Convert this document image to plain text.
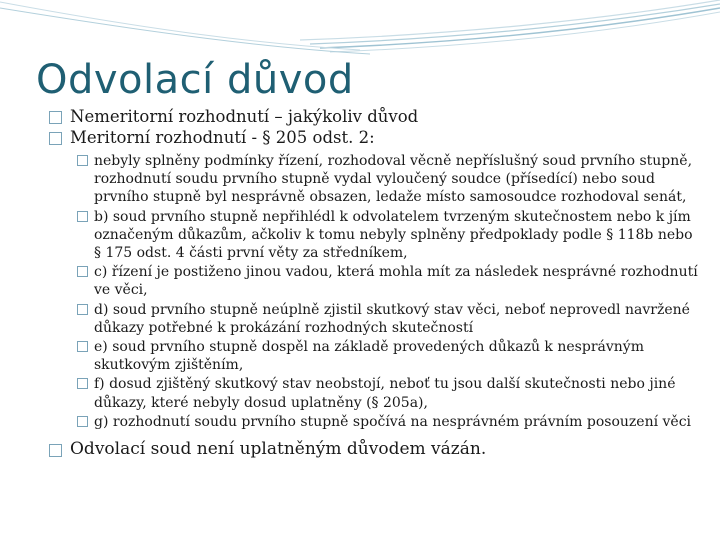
Odvolací důvod
Nemeritorní rozhodnutí – jakýkoliv důvod
Meritorní rozhodnutí - § 205 odst. 2:
nebyly splněny podmínky řízení, rozhodoval věcně nepříslušný soud prvního stupně, rozhodnutí soudu prvního stupně vydal vyloučený soudce (přísedící) nebo soud prvního stupně byl nesprávně obsazen, ledaže místo samosoudce rozhodoval senát,
b) soud prvního stupně nepřihlédl k odvolatelem tvrzeným skutečnostem nebo k jím označeným důkazům, ačkoliv k tomu nebyly splněny předpoklady podle § 118b nebo § 175 odst. 4 části první věty za středníkem,
c) řízení je postiženo jinou vadou, která mohla mít za následek nesprávné rozhodnutí ve věci,
d) soud prvního stupně neúplně zjistil skutkový stav věci, neboť neprovedl navržené důkazy potřebné k prokázání rozhodných skutečností
e) soud prvního stupně dospěl na základě provedených důkazů k nesprávným skutkovým zjištěním,
f) dosud zjištěný skutkový stav neobstojí, neboť tu jsou další skutečnosti nebo jiné důkazy, které nebyly dosud uplatněny (§ 205a),
g) rozhodnutí soudu prvního stupně spočívá na nesprávném právním posouzení věci
Odvolací soud není uplatněným důvodem vázán.
